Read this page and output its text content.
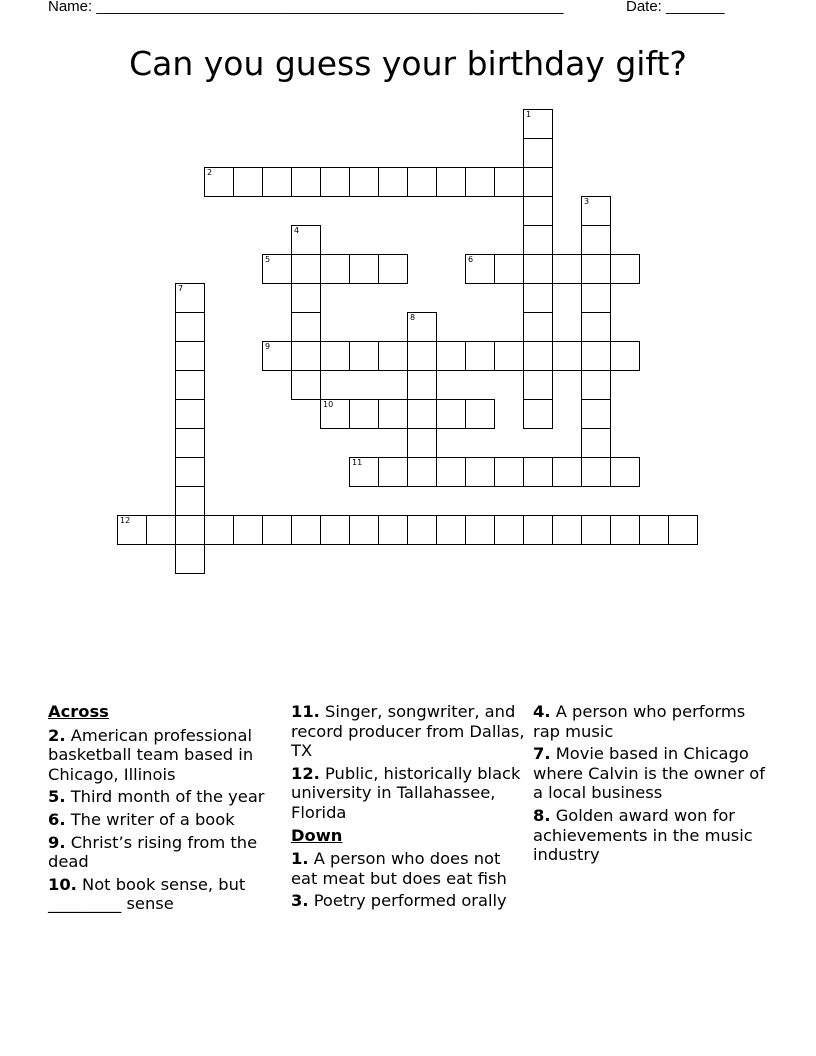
Name: ________________________________________________________	Date: _______
Can you guess your birthday gift?
1
2
3
4
5	6
7
8
9
10
11
12
Across
2. American professional basketball team based in Chicago, Illinois
5. Third month of the year
6. The writer of a book
9. Christ’s rising from the dead
10. Not book sense, but _________ sense
11. Singer, songwriter, and record producer from Dallas, TX
12. Public, historically black university in Tallahassee, Florida
Down
1. A person who does not eat meat but does eat fish
3. Poetry performed orally
4. A person who performs rap music
7. Movie based in Chicago where Calvin is the owner of a local business
8. Golden award won for achievements in the music industry
